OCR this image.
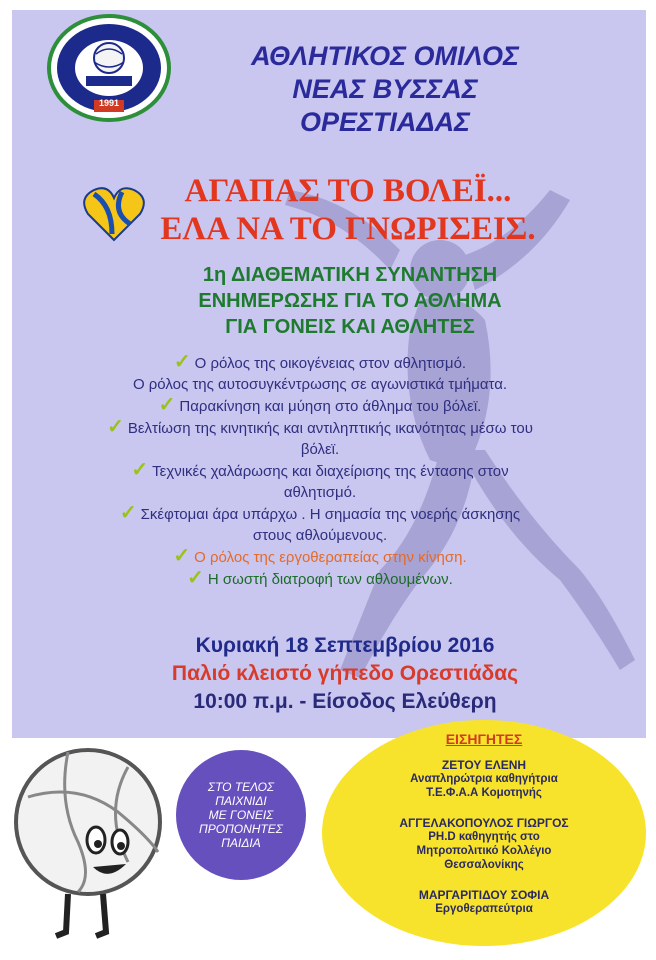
1991
ΑΘΛΗΤΙΚΟΣ ΟΜΙΛΟΣ
ΝΕΑΣ ΒΥΣΣΑΣ
ΟΡΕΣΤΙΑΔΑΣ
ΑΓΑΠΑΣ ΤΟ ΒΟΛΕΪ...
ΕΛΑ ΝΑ ΤΟ ΓΝΩΡΙΣΕΙΣ.
1η ΔΙΑΘΕΜΑΤΙΚΗ ΣΥΝΑΝΤΗΣΗ
ΕΝΗΜΕΡΩΣΗΣ ΓΙΑ ΤΟ ΑΘΛΗΜΑ
ΓΙΑ ΓΟΝΕΙΣ ΚΑΙ ΑΘΛΗΤΕΣ
✓ Ο ρόλος της οικογένειας στον αθλητισμό.
Ο ρόλος της αυτοσυγκέντρωσης σε αγωνιστικά τμήματα.
✓ Παρακίνηση και μύηση στο άθλημα του βόλεϊ.
✓ Βελτίωση της κινητικής και αντιληπτικής ικανότητας μέσω του
βόλεϊ.
✓ Τεχνικές χαλάρωσης και διαχείρισης της έντασης στον
αθλητισμό.
✓ Σκέφτομαι άρα υπάρχω . Η σημασία της νοερής άσκησης
στους αθλούμενους.
✓ Ο ρόλος της εργοθεραπείας στην κίνηση.
✓ Η σωστή διατροφή των αθλουμένων.
Κυριακή 18 Σεπτεμβρίου 2016
Παλιό κλειστό γήπεδο Ορεστιάδας
10:00 π.μ. - Είσοδος Ελεύθερη
ΣΤΟ ΤΕΛΟΣ
ΠΑΙΧΝΙΔΙ
ΜΕ ΓΟΝΕΙΣ
ΠΡΟΠΟΝΗΤΕΣ
ΠΑΙΔΙΑ
ΕΙΣΗΓΗΤΕΣ
ΖΕΤΟΥ ΕΛΕΝΗ
Αναπληρώτρια καθηγήτρια
Τ.Ε.Φ.Α.Α Κομοτηνής
ΑΓΓΕΛΑΚΟΠΟΥΛΟΣ ΓΙΩΡΓΟΣ
PH.D καθηγητής στο
Μητροπολιτικό Κολλέγιο
Θεσσαλονίκης
ΜΑΡΓΑΡΙΤΙΔΟΥ ΣΟΦΙΑ
Εργοθεραπεύτρια
